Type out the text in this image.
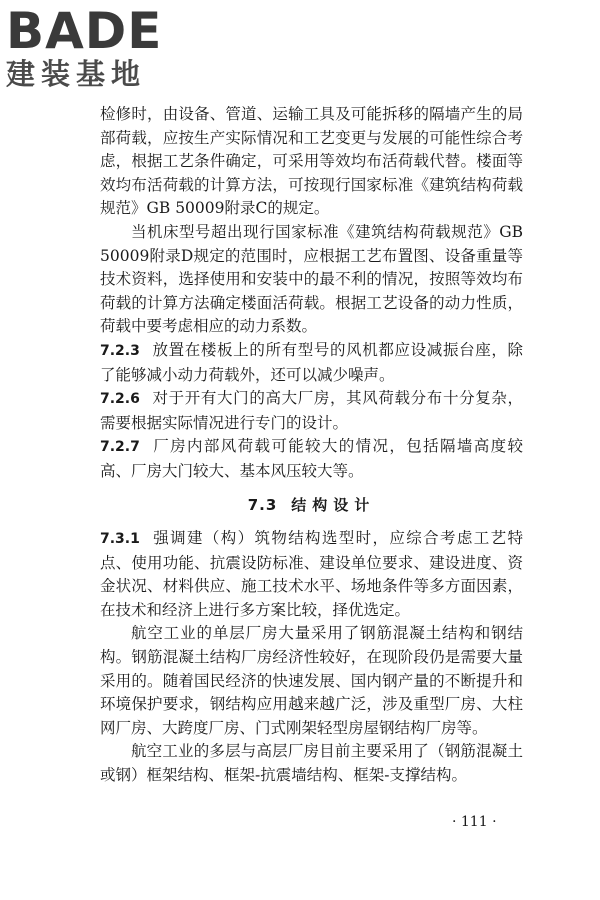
BADE
建装基地

检修时，由设备、管道、运输工具及可能拆移的隔墙产生的局部荷载，应按生产实际情况和工艺变更与发展的可能性综合考虑，根据工艺条件确定，可采用等效均布活荷载代替。楼面等效均布活荷载的计算方法，可按现行国家标准《建筑结构荷载规范》GB 50009附录C的规定。

当机床型号超出现行国家标准《建筑结构荷载规范》GB 50009附录D规定的范围时，应根据工艺布置图、设备重量等技术资料，选择使用和安装中的最不利的情况，按照等效均布荷载的计算方法确定楼面活荷载。根据工艺设备的动力性质，荷载中要考虑相应的动力系数。

7.2.3 放置在楼板上的所有型号的风机都应设减振台座，除了能够减小动力荷载外，还可以减少噪声。

7.2.6 对于开有大门的高大厂房，其风荷载分布十分复杂，需要根据实际情况进行专门的设计。

7.2.7 厂房内部风荷载可能较大的情况，包括隔墙高度较高、厂房大门较大、基本风压较大等。

7.3 结构设计

7.3.1 强调建（构）筑物结构选型时，应综合考虑工艺特点、使用功能、抗震设防标准、建设单位要求、建设进度、资金状况、材料供应、施工技术水平、场地条件等多方面因素，在技术和经济上进行多方案比较，择优选定。

航空工业的单层厂房大量采用了钢筋混凝土结构和钢结构。钢筋混凝土结构厂房经济性较好，在现阶段仍是需要大量采用的。随着国民经济的快速发展、国内钢产量的不断提升和环境保护要求，钢结构应用越来越广泛，涉及重型厂房、大柱网厂房、大跨度厂房、门式刚架轻型房屋钢结构厂房等。

航空工业的多层与高层厂房目前主要采用了（钢筋混凝土或钢）框架结构、框架-抗震墙结构、框架-支撑结构。

· 111 ·
